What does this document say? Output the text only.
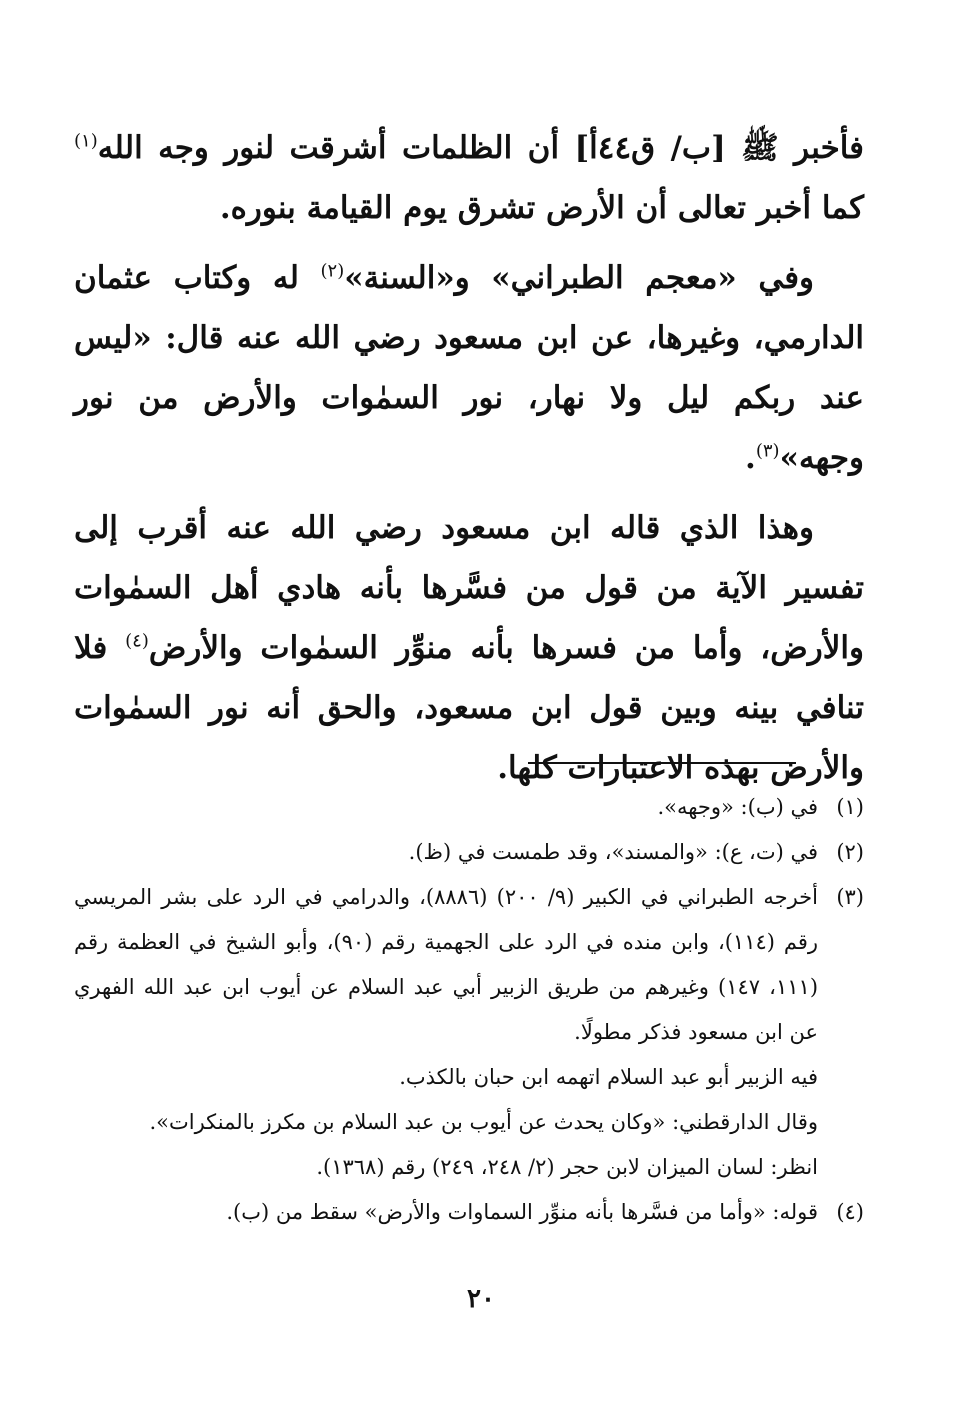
فأخبر ﷺ [ب/ ق٤٤أ] أن الظلمات أشرقت لنور وجه الله$^{(١)}$ كما أخبر تعالى أن الأرض تشرق يوم القيامة بنوره.

وفي «معجم الطبراني» و«السنة»$^{(٢)}$ له وكتاب عثمان الدارمي، وغيرها، عن ابن مسعود رضي الله عنه قال: «ليس عند ربكم ليل ولا نهار، نور السمٰوات والأرض من نور وجهه»$^{(٣)}$.

وهذا الذي قاله ابن مسعود رضي الله عنه أقرب إلى تفسير الآية من قول من فسَّرها بأنه هادي أهل السمٰوات والأرض، وأما من فسرها بأنه منوِّر السمٰوات والأرض$^{(٤)}$ فلا تنافي بينه وبين قول ابن مسعود، والحق أنه نور السمٰوات والأرض بهذه الاعتبارات كلها.

(١)
في (ب): «وجهه».
(٢)
في (ت، ع): «والمسند»، وقد طمست في (ظ).
(٣)
أخرجه الطبراني في الكبير (٩/ ٢٠٠) (٨٨٨٦)، والدرامي في الرد على بشر المريسي رقم (١١٤)، وابن منده في الرد على الجهمية رقم (٩٠)، وأبو الشيخ في العظمة رقم (١١١، ١٤٧) وغيرهم من طريق الزبير أبي عبد السلام عن أيوب ابن عبد الله الفهري عن ابن مسعود فذكر مطولًا.
فيه الزبير أبو عبد السلام اتهمه ابن حبان بالكذب.
وقال الدارقطني: «وكان يحدث عن أيوب بن عبد السلام بن مكرز بالمنكرات».
انظر: لسان الميزان لابن حجر (٢/ ٢٤٨، ٢٤٩) رقم (١٣٦٨).
(٤)
قوله: «وأما من فسَّرها بأنه منوِّر السماوات والأرض» سقط من (ب).
٢٠
